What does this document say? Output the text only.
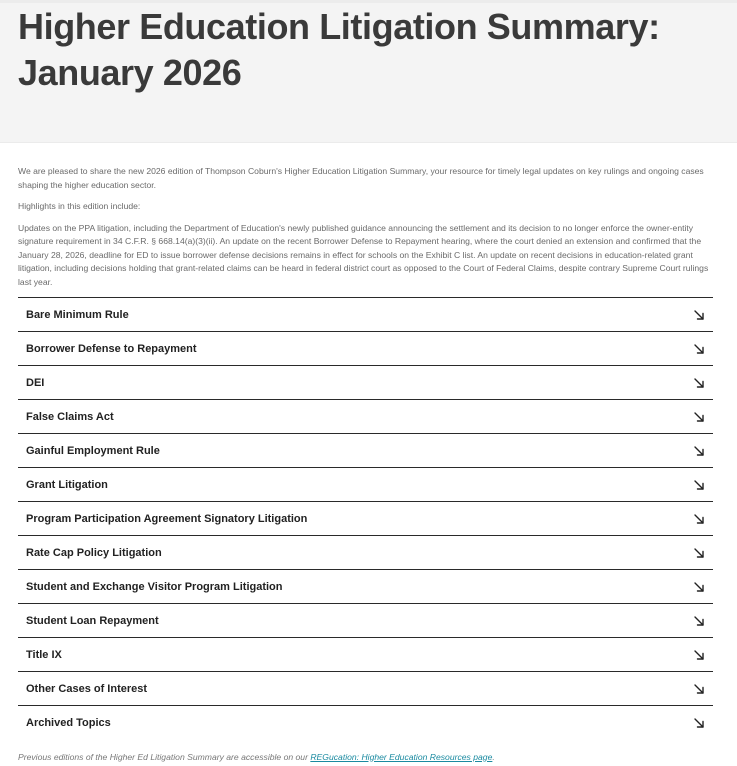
Higher Education Litigation Summary: January 2026

We are pleased to share the new 2026 edition of Thompson Coburn's Higher Education Litigation Summary, your resource for timely legal updates on key rulings and ongoing cases shaping the higher education sector.

Highlights in this edition include:

Updates on the PPA litigation, including the Department of Education's newly published guidance announcing the settlement and its decision to no longer enforce the owner-entity signature requirement in 34 C.F.R. § 668.14(a)(3)(ii). An update on the recent Borrower Defense to Repayment hearing, where the court denied an extension and confirmed that the January 28, 2026, deadline for ED to issue borrower defense decisions remains in effect for schools on the Exhibit C list. An update on recent decisions in education-related grant litigation, including decisions holding that grant-related claims can be heard in federal district court as opposed to the Court of Federal Claims, despite contrary Supreme Court rulings last year.

Bare Minimum Rule
Borrower Defense to Repayment
DEI
False Claims Act
Gainful Employment Rule
Grant Litigation
Program Participation Agreement Signatory Litigation
Rate Cap Policy Litigation
Student and Exchange Visitor Program Litigation
Student Loan Repayment
Title IX
Other Cases of Interest
Archived Topics

Previous editions of the Higher Ed Litigation Summary are accessible on our REGucation: Higher Education Resources page.
